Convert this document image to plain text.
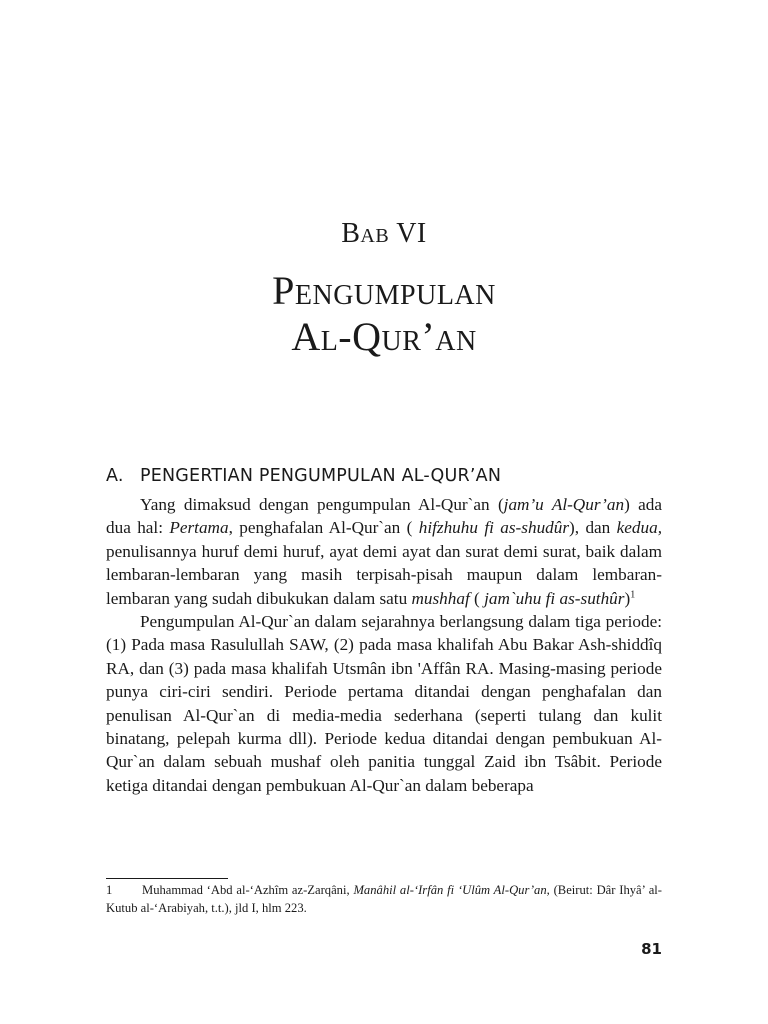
Bab VI
Pengumpulan
Al-Qur’an
A. PENGERTIAN PENGUMPULAN AL-QUR’AN

Yang dimaksud dengan pengumpulan Al-Qur`an (jam’u Al-Qur’an) ada dua hal: Pertama, penghafalan Al-Qur`an ( hifzhuhu fi as-shudûr), dan kedua, penulisannya huruf demi huruf, ayat demi ayat dan surat demi surat, baik dalam lembaran-lembaran yang masih terpisah-pisah maupun dalam lembaran-lembaran yang sudah dibukukan dalam satu mushhaf ( jam`uhu fi as-suthûr)$^1$

Pengumpulan Al-Qur`an dalam sejarahnya berlangsung dalam tiga periode: (1) Pada masa Rasulullah SAW, (2) pada masa khalifah Abu Bakar Ash-shiddîq RA, dan (3) pada masa khalifah Utsmân ibn 'Affân RA. Masing-masing periode punya ciri-ciri sendiri. Periode pertama ditandai dengan penghafalan dan penulisan Al-Qur`an di media-media sederhana (seperti tulang dan kulit binatang, pelepah kurma dll). Periode kedua ditandai dengan pembukuan Al-Qur`an dalam sebuah mushaf oleh panitia tunggal Zaid ibn Tsâbit. Periode ketiga ditandai dengan pembukuan Al-Qur`an dalam beberapa

1 Muhammad ‘Abd al-‘Azhîm az-Zarqâni, Manâhil al-‘Irfân fi ‘Ulûm Al-Qur’an, (Beirut: Dâr Ihyâ’ al-Kutub al-‘Arabiyah, t.t.), jld I, hlm 223.
81
